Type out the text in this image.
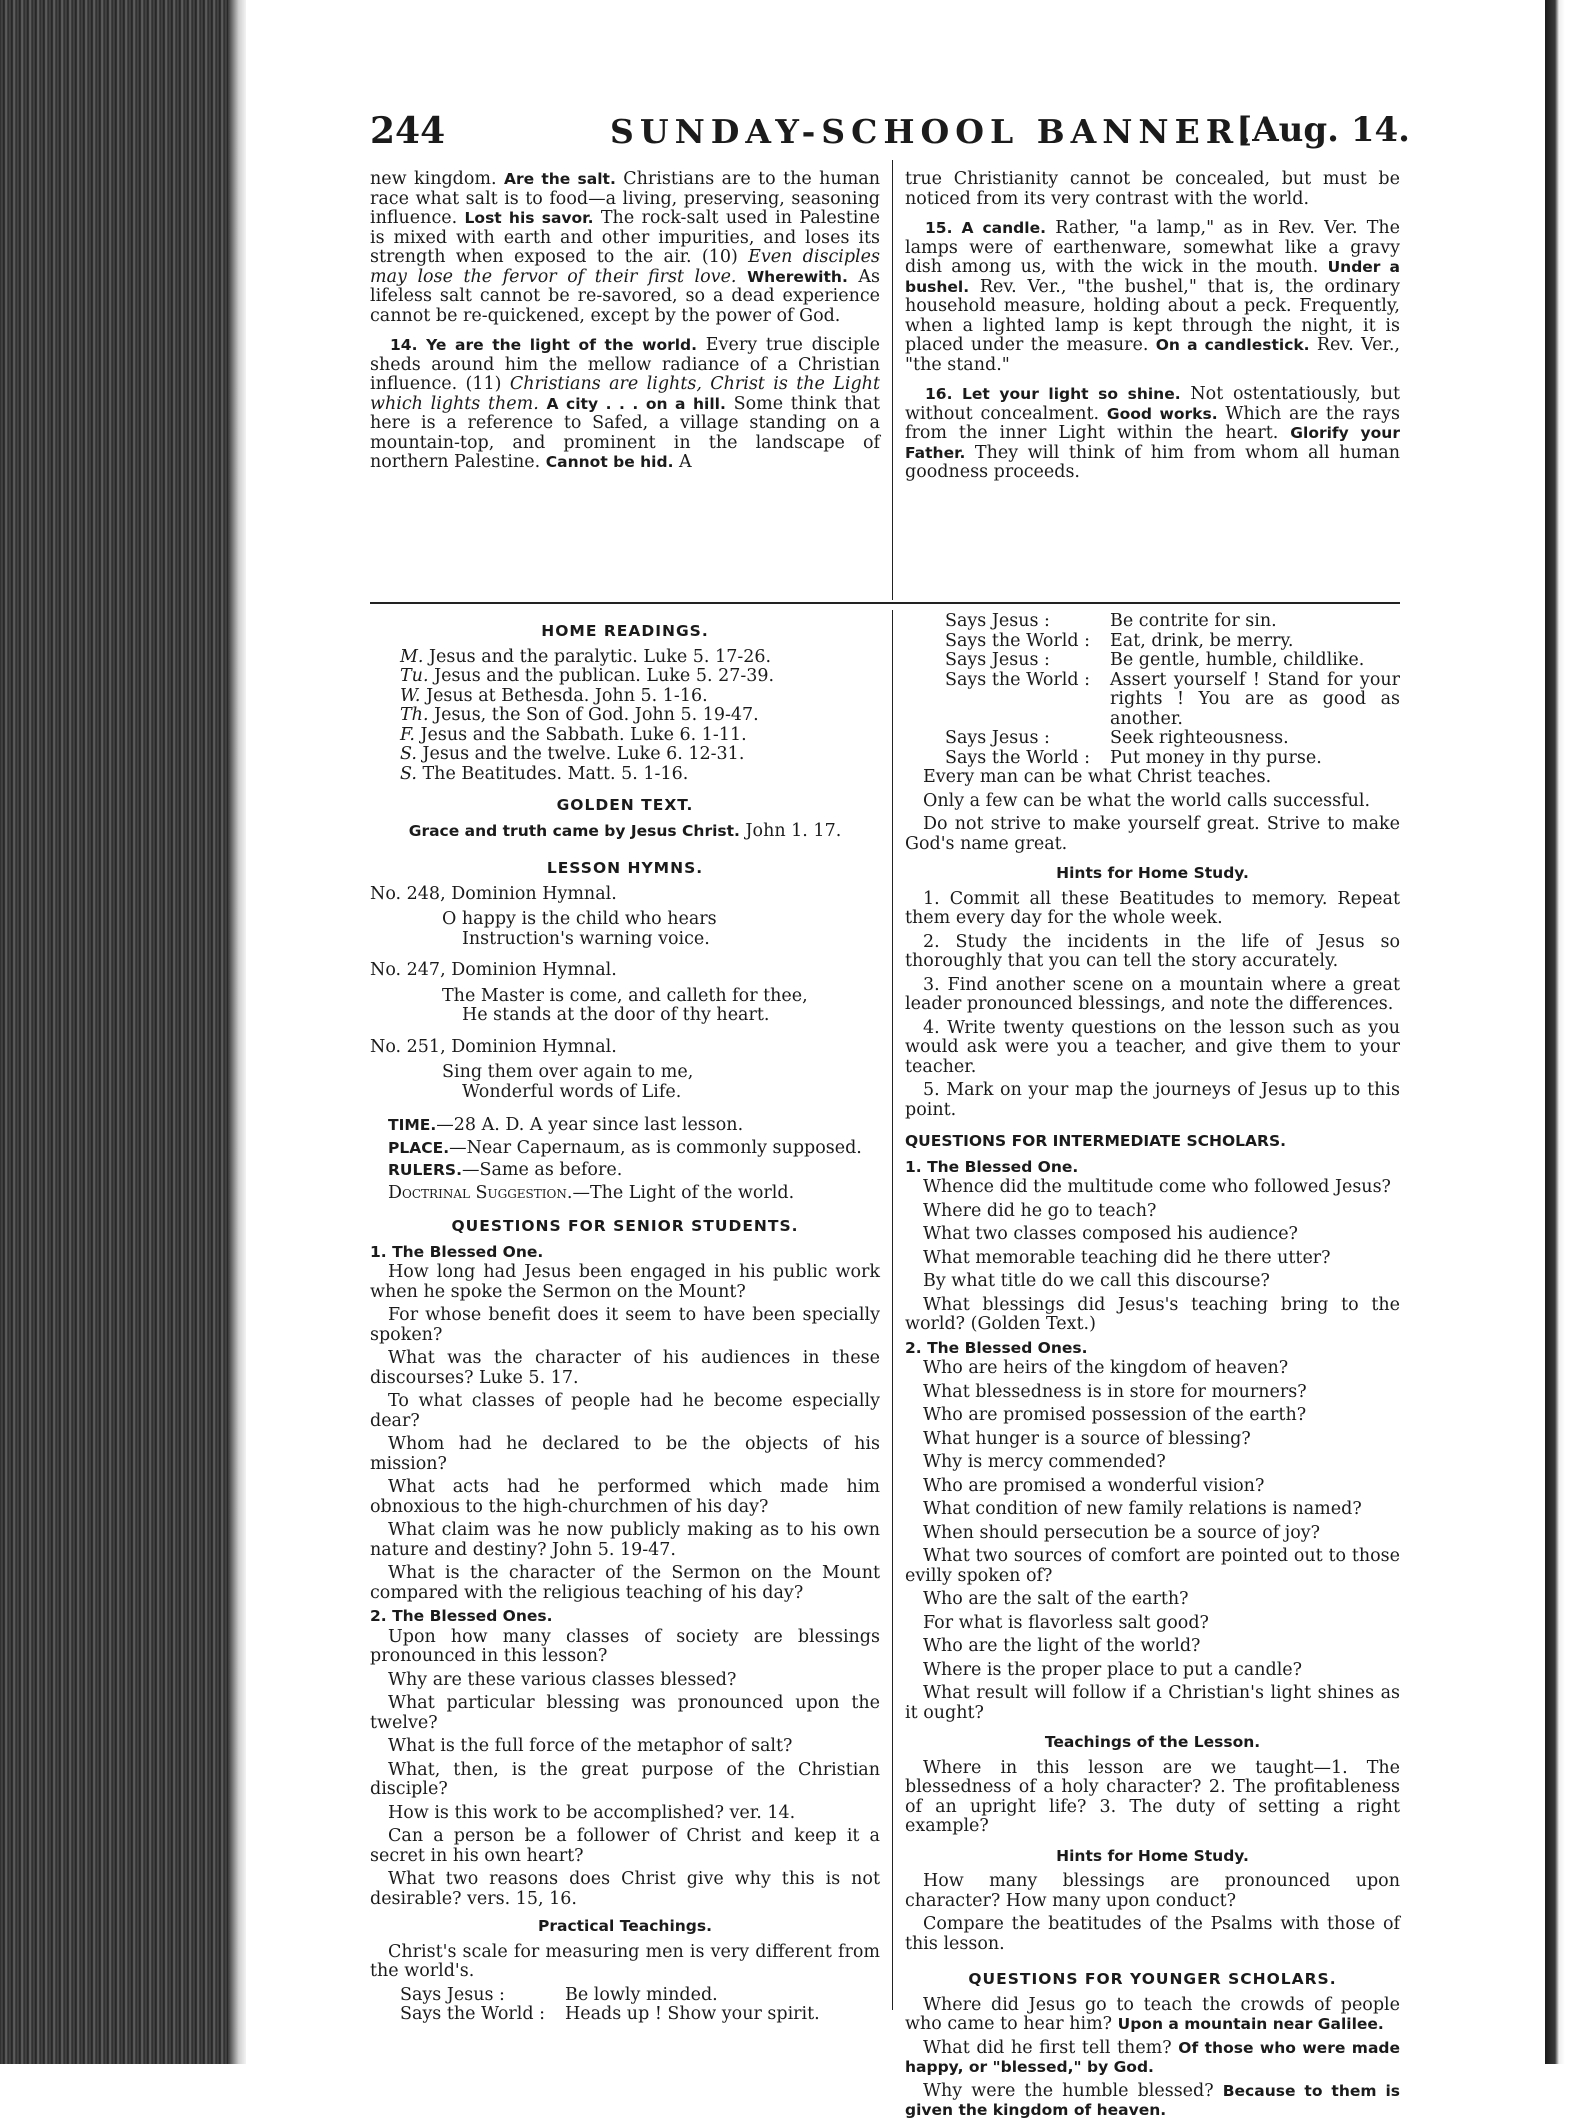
244	SUNDAY-SCHOOL BANNER.
[Aug. 14.

new kingdom. Are the salt. Christians are to the human race what salt is to food—a living, preserving, seasoning influence. Lost his savor. The rock-salt used in Palestine is mixed with earth and other impurities, and loses its strength when exposed to the air. (10) Even disciples may lose the fervor of their first love. Wherewith. As lifeless salt cannot be re-savored, so a dead experience cannot be re-quickened, except by the power of God.

14. Ye are the light of the world. Every true disciple sheds around him the mellow radiance of a Christian influence. (11) Christians are lights, Christ is the Light which lights them. A city . . . on a hill. Some think that here is a reference to Safed, a village standing on a mountain-top, and prominent in the landscape of northern Palestine. Cannot be hid. A

true Christianity cannot be concealed, but must be noticed from its very contrast with the world.

15. A candle. Rather, "a lamp," as in Rev. Ver. The lamps were of earthenware, somewhat like a gravy dish among us, with the wick in the mouth. Under a bushel. Rev. Ver., "the bushel," that is, the ordinary household measure, holding about a peck. Frequently, when a lighted lamp is kept through the night, it is placed under the measure. On a candlestick. Rev. Ver., "the stand."

16. Let your light so shine. Not ostentatiously, but without concealment. Good works. Which are the rays from the inner Light within the heart. Glorify your Father. They will think of him from whom all human goodness proceeds.

HOME READINGS.

M. Jesus and the paralytic. Luke 5. 17-26.

Tu. Jesus and the publican. Luke 5. 27-39.

W. Jesus at Bethesda. John 5. 1-16.

Th. Jesus, the Son of God. John 5. 19-47.

F. Jesus and the Sabbath. Luke 6. 1-11.

S. Jesus and the twelve. Luke 6. 12-31.

S. The Beatitudes. Matt. 5. 1-16.

GOLDEN TEXT.

Grace and truth came by Jesus Christ. John 1. 17.

LESSON HYMNS.

No. 248, Dominion Hymnal.

O happy is the child who hears

Instruction's warning voice.

No. 247, Dominion Hymnal.

The Master is come, and calleth for thee,

He stands at the door of thy heart.

No. 251, Dominion Hymnal.

Sing them over again to me,

Wonderful words of Life.

TIME.—28 A. D. A year since last lesson.

PLACE.—Near Capernaum, as is commonly supposed.

RULERS.—Same as before.

Doctrinal Suggestion.—The Light of the world.

QUESTIONS FOR SENIOR STUDENTS.
1. The Blessed One.

How long had Jesus been engaged in his public work when he spoke the Sermon on the Mount?

For whose benefit does it seem to have been specially spoken?

What was the character of his audiences in these discourses? Luke 5. 17.

To what classes of people had he become especially dear?

Whom had he declared to be the objects of his mission?

What acts had he performed which made him obnoxious to the high-churchmen of his day?

What claim was he now publicly making as to his own nature and destiny? John 5. 19-47.

What is the character of the Sermon on the Mount compared with the religious teaching of his day?

2. The Blessed Ones.

Upon how many classes of society are blessings pronounced in this lesson?

Why are these various classes blessed?

What particular blessing was pronounced upon the twelve?

What is the full force of the metaphor of salt?

What, then, is the great purpose of the Christian disciple?

How is this work to be accomplished? ver. 14.

Can a person be a follower of Christ and keep it a secret in his own heart?

What two reasons does Christ give why this is not desirable? vers. 15, 16.

Practical Teachings.

Christ's scale for measuring men is very different from the world's.

Says Jesus :	Be lowly minded.
Says the World :	Heads up ! Show your spirit.
Says Jesus :	Be contrite for sin.
Says the World :	Eat, drink, be merry.
Says Jesus :	Be gentle, humble, childlike.
Says the World :	Assert yourself ! Stand for your rights ! You are as good as another.
Says Jesus :	Seek righteousness.
Says the World :	Put money in thy purse.

Every man can be what Christ teaches.

Only a few can be what the world calls successful.

Do not strive to make yourself great. Strive to make God's name great.

Hints for Home Study.

1. Commit all these Beatitudes to memory. Repeat them every day for the whole week.

2. Study the incidents in the life of Jesus so thoroughly that you can tell the story accurately.

3. Find another scene on a mountain where a great leader pronounced blessings, and note the differences.

4. Write twenty questions on the lesson such as you would ask were you a teacher, and give them to your teacher.

5. Mark on your map the journeys of Jesus up to this point.

QUESTIONS FOR INTERMEDIATE SCHOLARS.
1. The Blessed One.

Whence did the multitude come who followed Jesus?

Where did he go to teach?

What two classes composed his audience?

What memorable teaching did he there utter?

By what title do we call this discourse?

What blessings did Jesus's teaching bring to the world? (Golden Text.)

2. The Blessed Ones.

Who are heirs of the kingdom of heaven?

What blessedness is in store for mourners?

Who are promised possession of the earth?

What hunger is a source of blessing?

Why is mercy commended?

Who are promised a wonderful vision?

What condition of new family relations is named?

When should persecution be a source of joy?

What two sources of comfort are pointed out to those evilly spoken of?

Who are the salt of the earth?

For what is flavorless salt good?

Who are the light of the world?

Where is the proper place to put a candle?

What result will follow if a Christian's light shines as it ought?

Teachings of the Lesson.

Where in this lesson are we taught—1. The blessedness of a holy character? 2. The profitableness of an upright life? 3. The duty of setting a right example?

Hints for Home Study.

How many blessings are pronounced upon character? How many upon conduct?

Compare the beatitudes of the Psalms with those of this lesson.

QUESTIONS FOR YOUNGER SCHOLARS.

Where did Jesus go to teach the crowds of people who came to hear him? Upon a mountain near Galilee.

What did he first tell them? Of those who were made happy, or "blessed," by God.

Why were the humble blessed? Because to them is given the kingdom of heaven.
